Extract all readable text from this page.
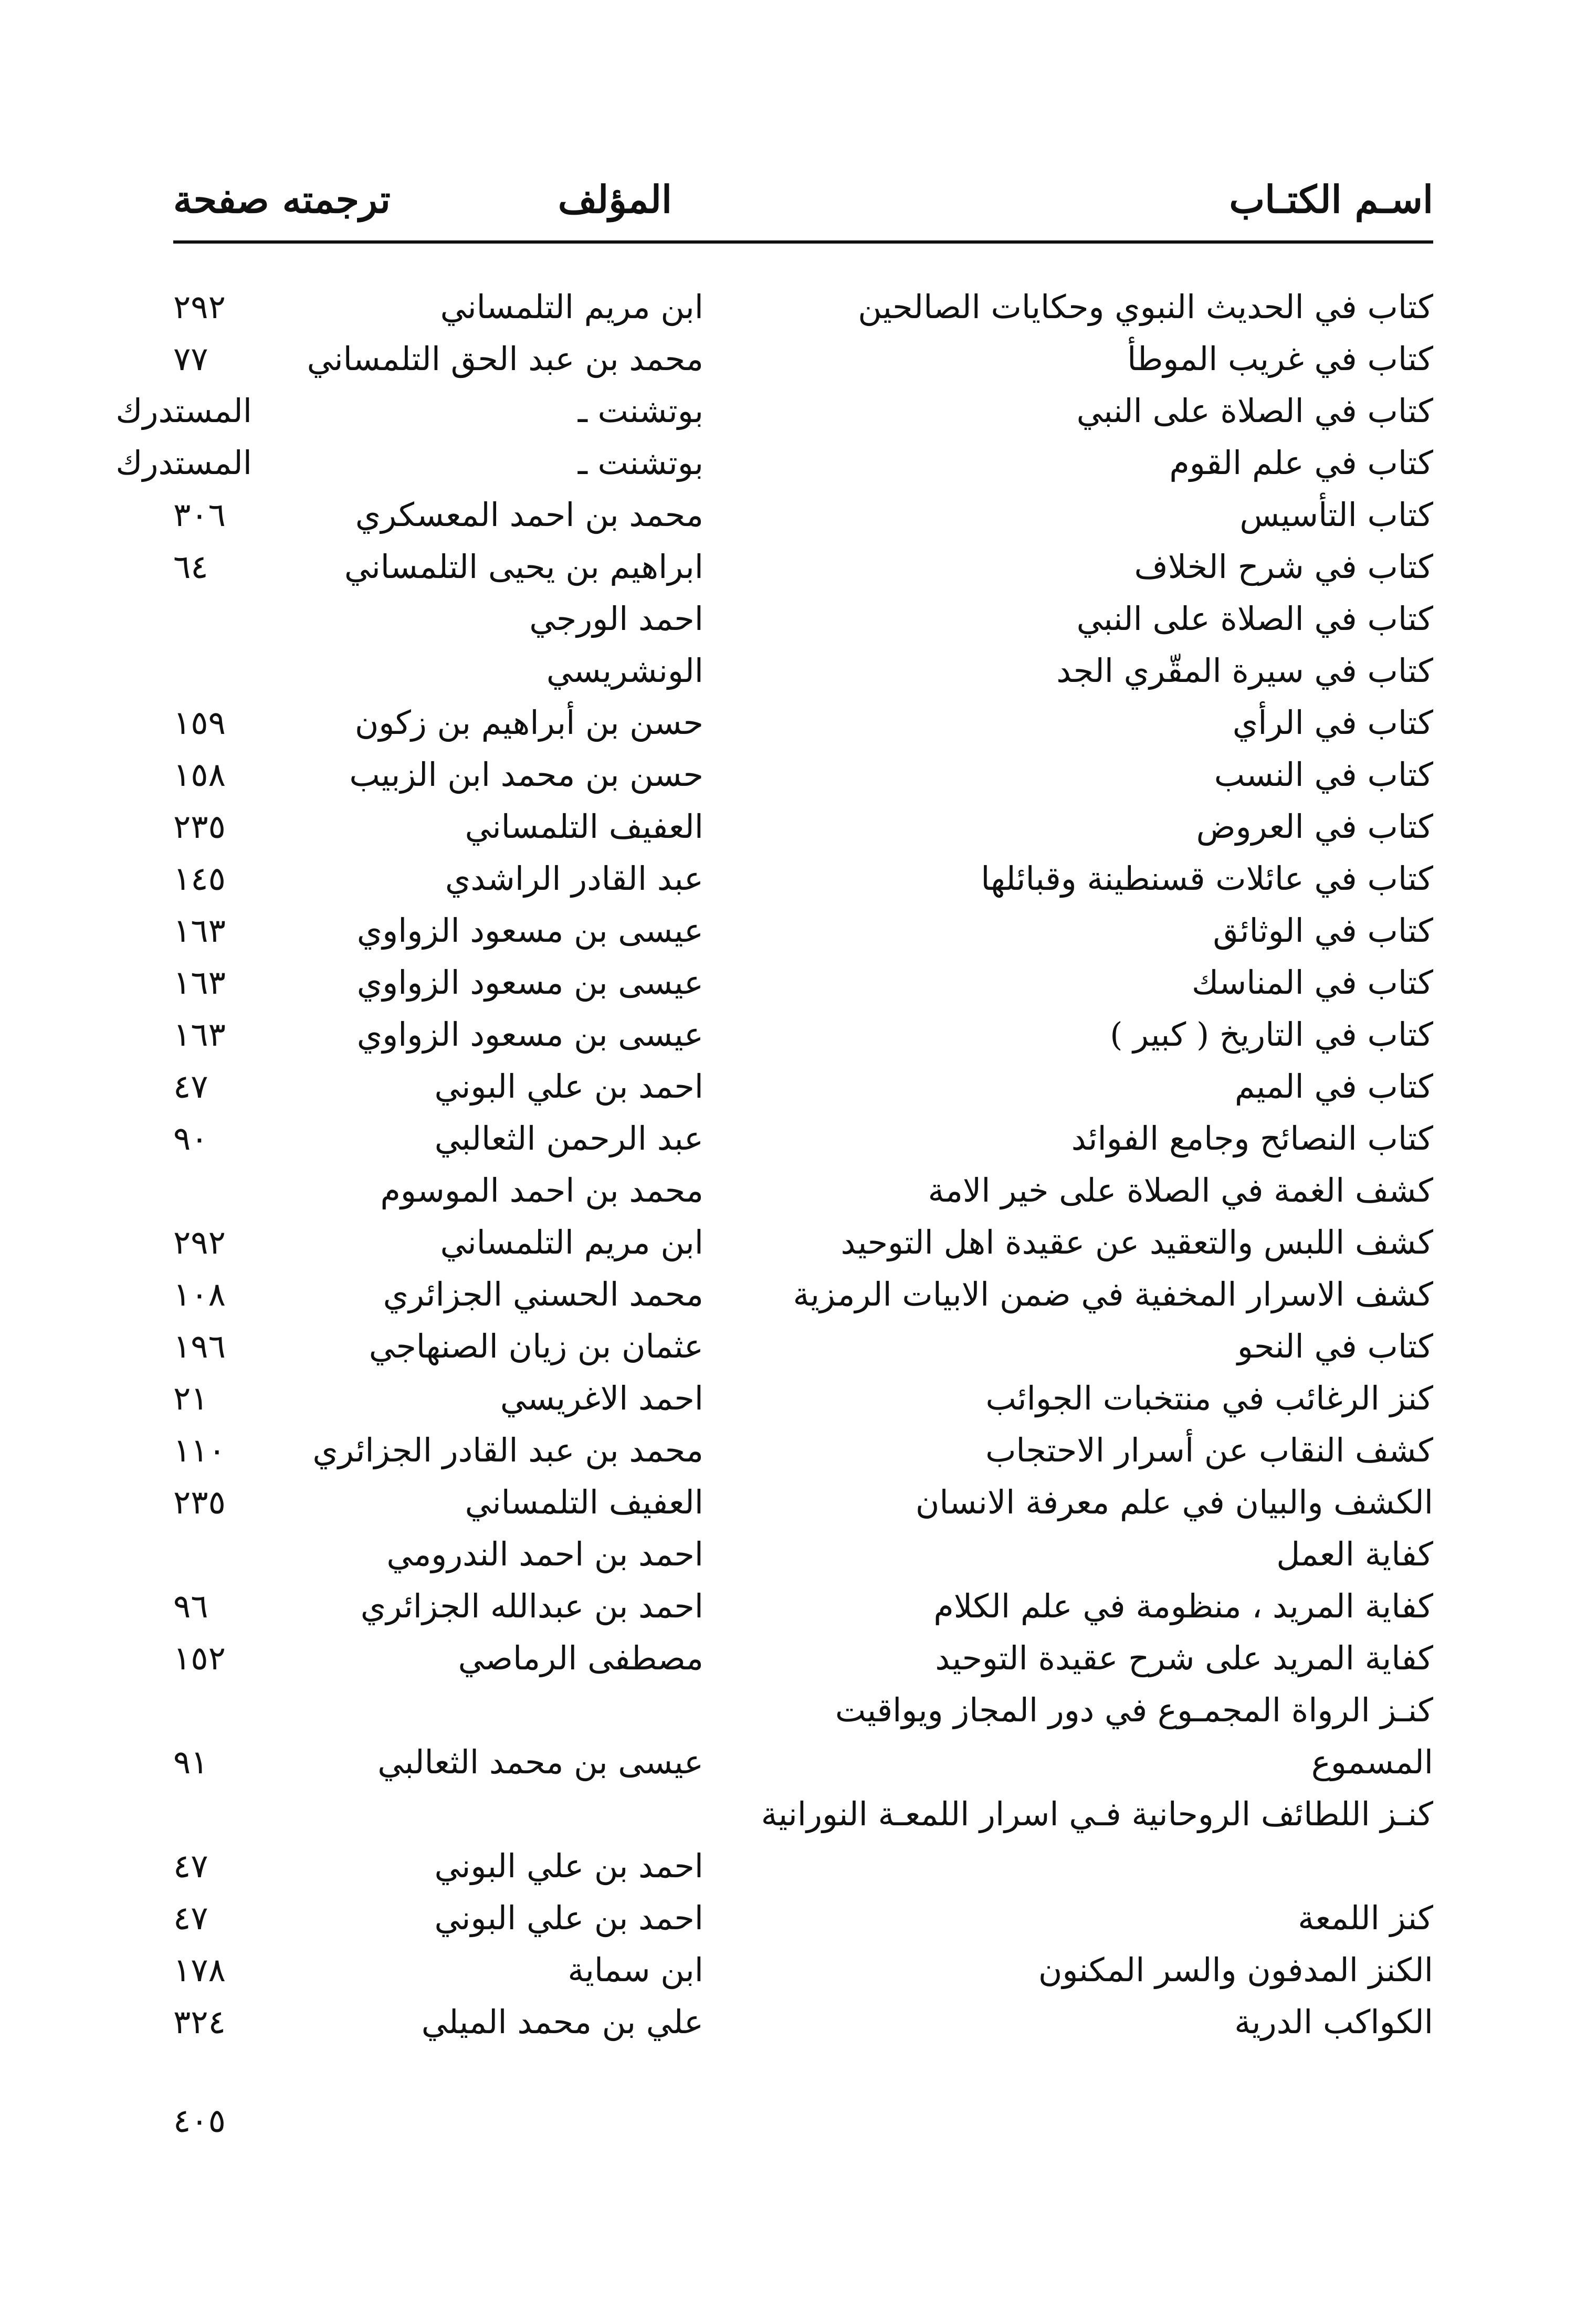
اسـم الكتـاب
المؤلف
ترجمته صفحة
كتاب في الحديث النبوي وحكايات الصالحين
ابن مريم التلمساني
٢٩٢
كتاب في غريب الموطأ
محمد بن عبد الحق التلمساني
٧٧
كتاب في الصلاة على النبي
بوتشنت ـ
المستدرك
كتاب في علم القوم
بوتشنت ـ
المستدرك
كتاب التأسيس
محمد بن احمد المعسكري
٣٠٦
كتاب في شرح الخلاف
ابراهيم بن يحيى التلمساني
٦٤
كتاب في الصلاة على النبي
احمد الورجي
كتاب في سيرة المقّري الجد
الونشريسي
كتاب في الرأي
حسن بن أبراهيم بن زكون
١٥٩
كتاب في النسب
حسن بن محمد ابن الزبيب
١٥٨
كتاب في العروض
العفيف التلمساني
٢٣٥
كتاب في عائلات قسنطينة وقبائلها
عبد القادر الراشدي
١٤٥
كتاب في الوثائق
عيسى بن مسعود الزواوي
١٦٣
كتاب في المناسك
عيسى بن مسعود الزواوي
١٦٣
كتاب في التاريخ ( كبير )
عيسى بن مسعود الزواوي
١٦٣
كتاب في الميم
احمد بن علي البوني
٤٧
كتاب النصائح وجامع الفوائد
عبد الرحمن الثعالبي
٩٠
كشف الغمة في الصلاة على خير الامة
محمد بن احمد الموسوم
كشف اللبس والتعقيد عن عقيدة اهل التوحيد
ابن مريم التلمساني
٢٩٢
كشف الاسرار المخفية في ضمن الابيات الرمزية
محمد الحسني الجزائري
١٠٨
كتاب في النحو
عثمان بن زيان الصنهاجي
١٩٦
كنز الرغائب في منتخبات الجوائب
احمد الاغريسي
٢١
كشف النقاب عن أسرار الاحتجاب
محمد بن عبد القادر الجزائري
١١٠
الكشف والبيان في علم معرفة الانسان
العفيف التلمساني
٢٣٥
كفاية العمل
احمد بن احمد الندرومي
كفاية المريد ، منظومة في علم الكلام
احمد بن عبدالله الجزائري
٩٦
كفاية المريد على شرح عقيدة التوحيد
مصطفى الرماصي
١٥٢
كنـز الرواة المجمـوع في دور المجاز ويواقيت المسموع
عيسى بن محمد الثعالبي
٩١
كنـز اللطائف الروحانية فـي اسرار اللمعـة النورانية
احمد بن علي البوني
٤٧
كنز اللمعة
احمد بن علي البوني
٤٧
الكنز المدفون والسر المكنون
ابن سماية
١٧٨
الكواكب الدرية
علي بن محمد الميلي
٣٢٤
٤٠٥
